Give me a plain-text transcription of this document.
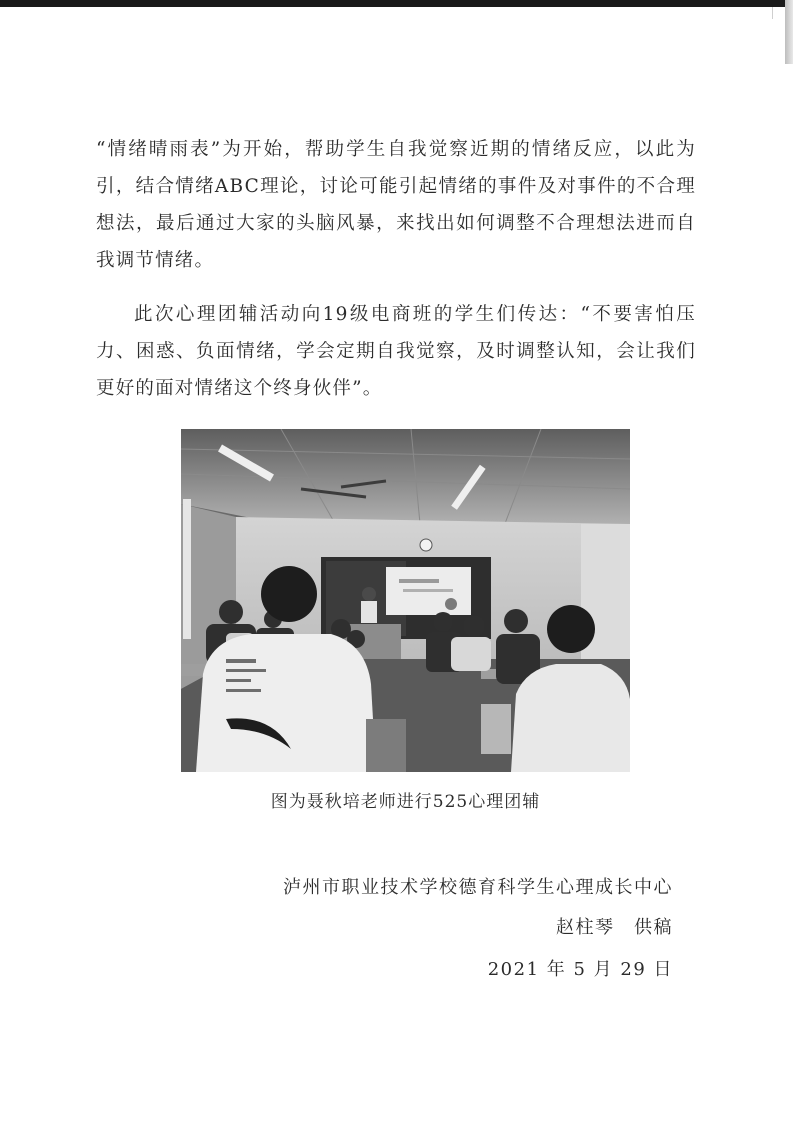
“情绪晴雨表”为开始，帮助学生自我觉察近期的情绪反应，以此为引，结合情绪ABC理论，讨论可能引起情绪的事件及对事件的不合理想法，最后通过大家的头脑风暴，来找出如何调整不合理想法进而自我调节情绪。

此次心理团辅活动向19级电商班的学生们传达：“不要害怕压力、困惑、负面情绪，学会定期自我觉察，及时调整认知，会让我们更好的面对情绪这个终身伙伴”。

图为聂秋培老师进行525心理团辅

泸州市职业技术学校德育科学生心理成长中心

赵柱琴　供稿

2021 年 5 月 29 日
